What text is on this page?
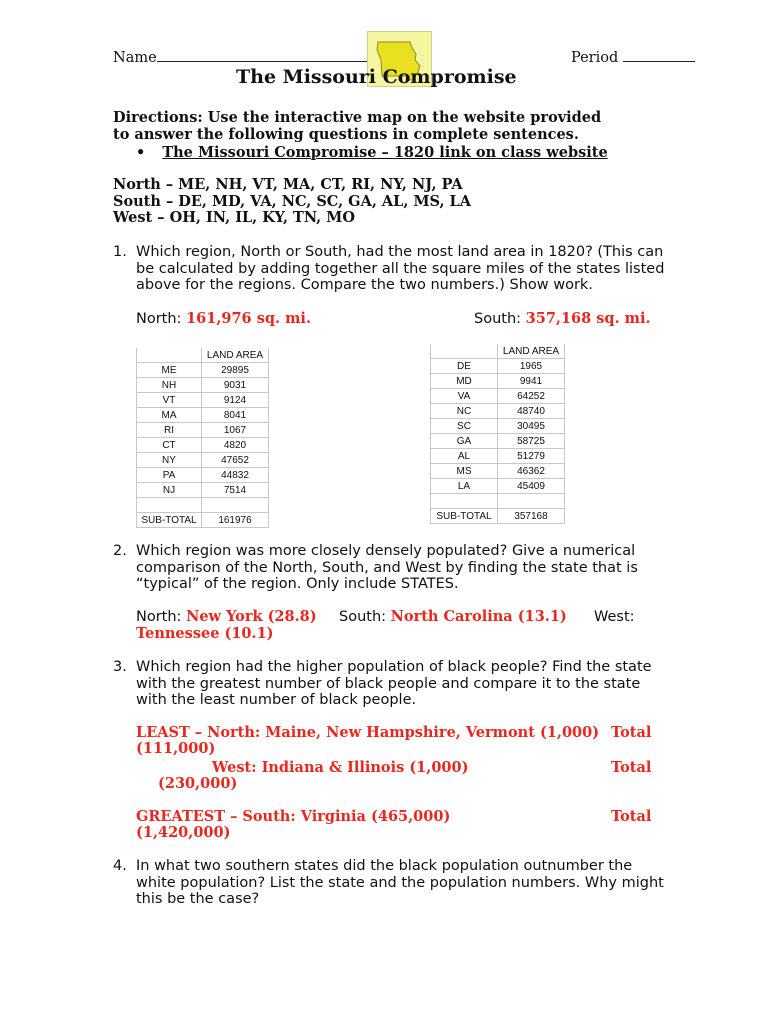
Name	Period
The Missouri Compromise
Directions: Use the interactive map on the website provided to answer the following questions in complete sentences.
• The Missouri Compromise – 1820 link on class website
North – ME, NH, VT, MA, CT, RI, NY, NJ, PA
South – DE, MD, VA, NC, SC, GA, AL, MS, LA
West – OH, IN, IL, KY, TN, MO
1. Which region, North or South, had the most land area in 1820? (This can be calculated by adding together all the square miles of the states listed above for the regions. Compare the two numbers.) Show work.
North: 161,976 sq. mi.	South: 357,168 sq. mi.
	LAND AREA
ME	29895
NH	9031
VT	9124
MA	8041
RI	1067
CT	4820
NY	47652
PA	44832
NJ	7514

SUB-TOTAL	161976
	LAND AREA
DE	1965
MD	9941
VA	64252
NC	48740
SC	30495
GA	58725
AL	51279
MS	46362
LA	45409

SUB-TOTAL	357168
2. Which region was more closely densely populated? Give a numerical comparison of the North, South, and West by finding the state that is “typical” of the region. Only include STATES.
North: New York (28.8) South: North Carolina (13.1) West:
Tennessee (10.1)
3. Which region had the higher population of black people? Find the state with the greatest number of black people and compare it to the state with the least number of black people.
LEAST – North: Maine, New Hampshire, Vermont (1,000) Total
(111,000)
West: Indiana & Illinois (1,000)	Total
(230,000)
GREATEST – South: Virginia (465,000)	Total
(1,420,000)
4. In what two southern states did the black population outnumber the white population? List the state and the population numbers. Why might this be the case?
